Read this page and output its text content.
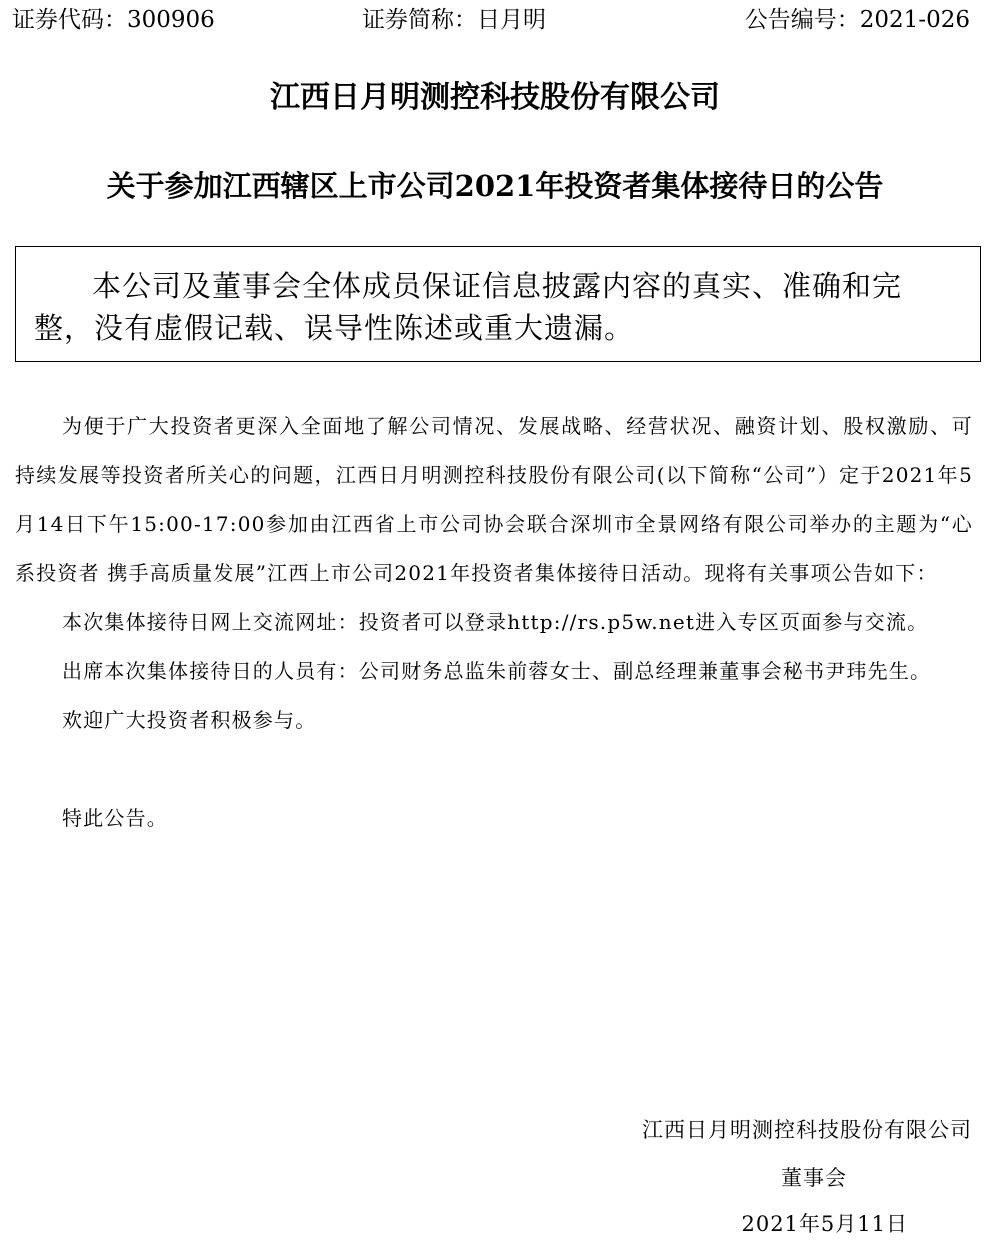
证券代码：300906	证券简称：日月明	公告编号：2021-026
江西日月明测控科技股份有限公司
关于参加江西辖区上市公司2021年投资者集体接待日的公告

本公司及董事会全体成员保证信息披露内容的真实、准确和完整，没有虚假记载、误导性陈述或重大遗漏。

为便于广大投资者更深入全面地了解公司情况、发展战略、经营状况、融资计划、股权激励、可持续发展等投资者所关心的问题，江西日月明测控科技股份有限公司(以下简称“公司”）定于2021年5月14日下午15:00-17:00参加由江西省上市公司协会联合深圳市全景网络有限公司举办的主题为“心系投资者 携手高质量发展”江西上市公司2021年投资者集体接待日活动。现将有关事项公告如下：

本次集体接待日网上交流网址：投资者可以登录http://rs.p5w.net进入专区页面参与交流。

出席本次集体接待日的人员有：公司财务总监朱前蓉女士、副总经理兼董事会秘书尹玮先生。

欢迎广大投资者积极参与。

特此公告。

江西日月明测控科技股份有限公司
董事会
2021年5月11日
